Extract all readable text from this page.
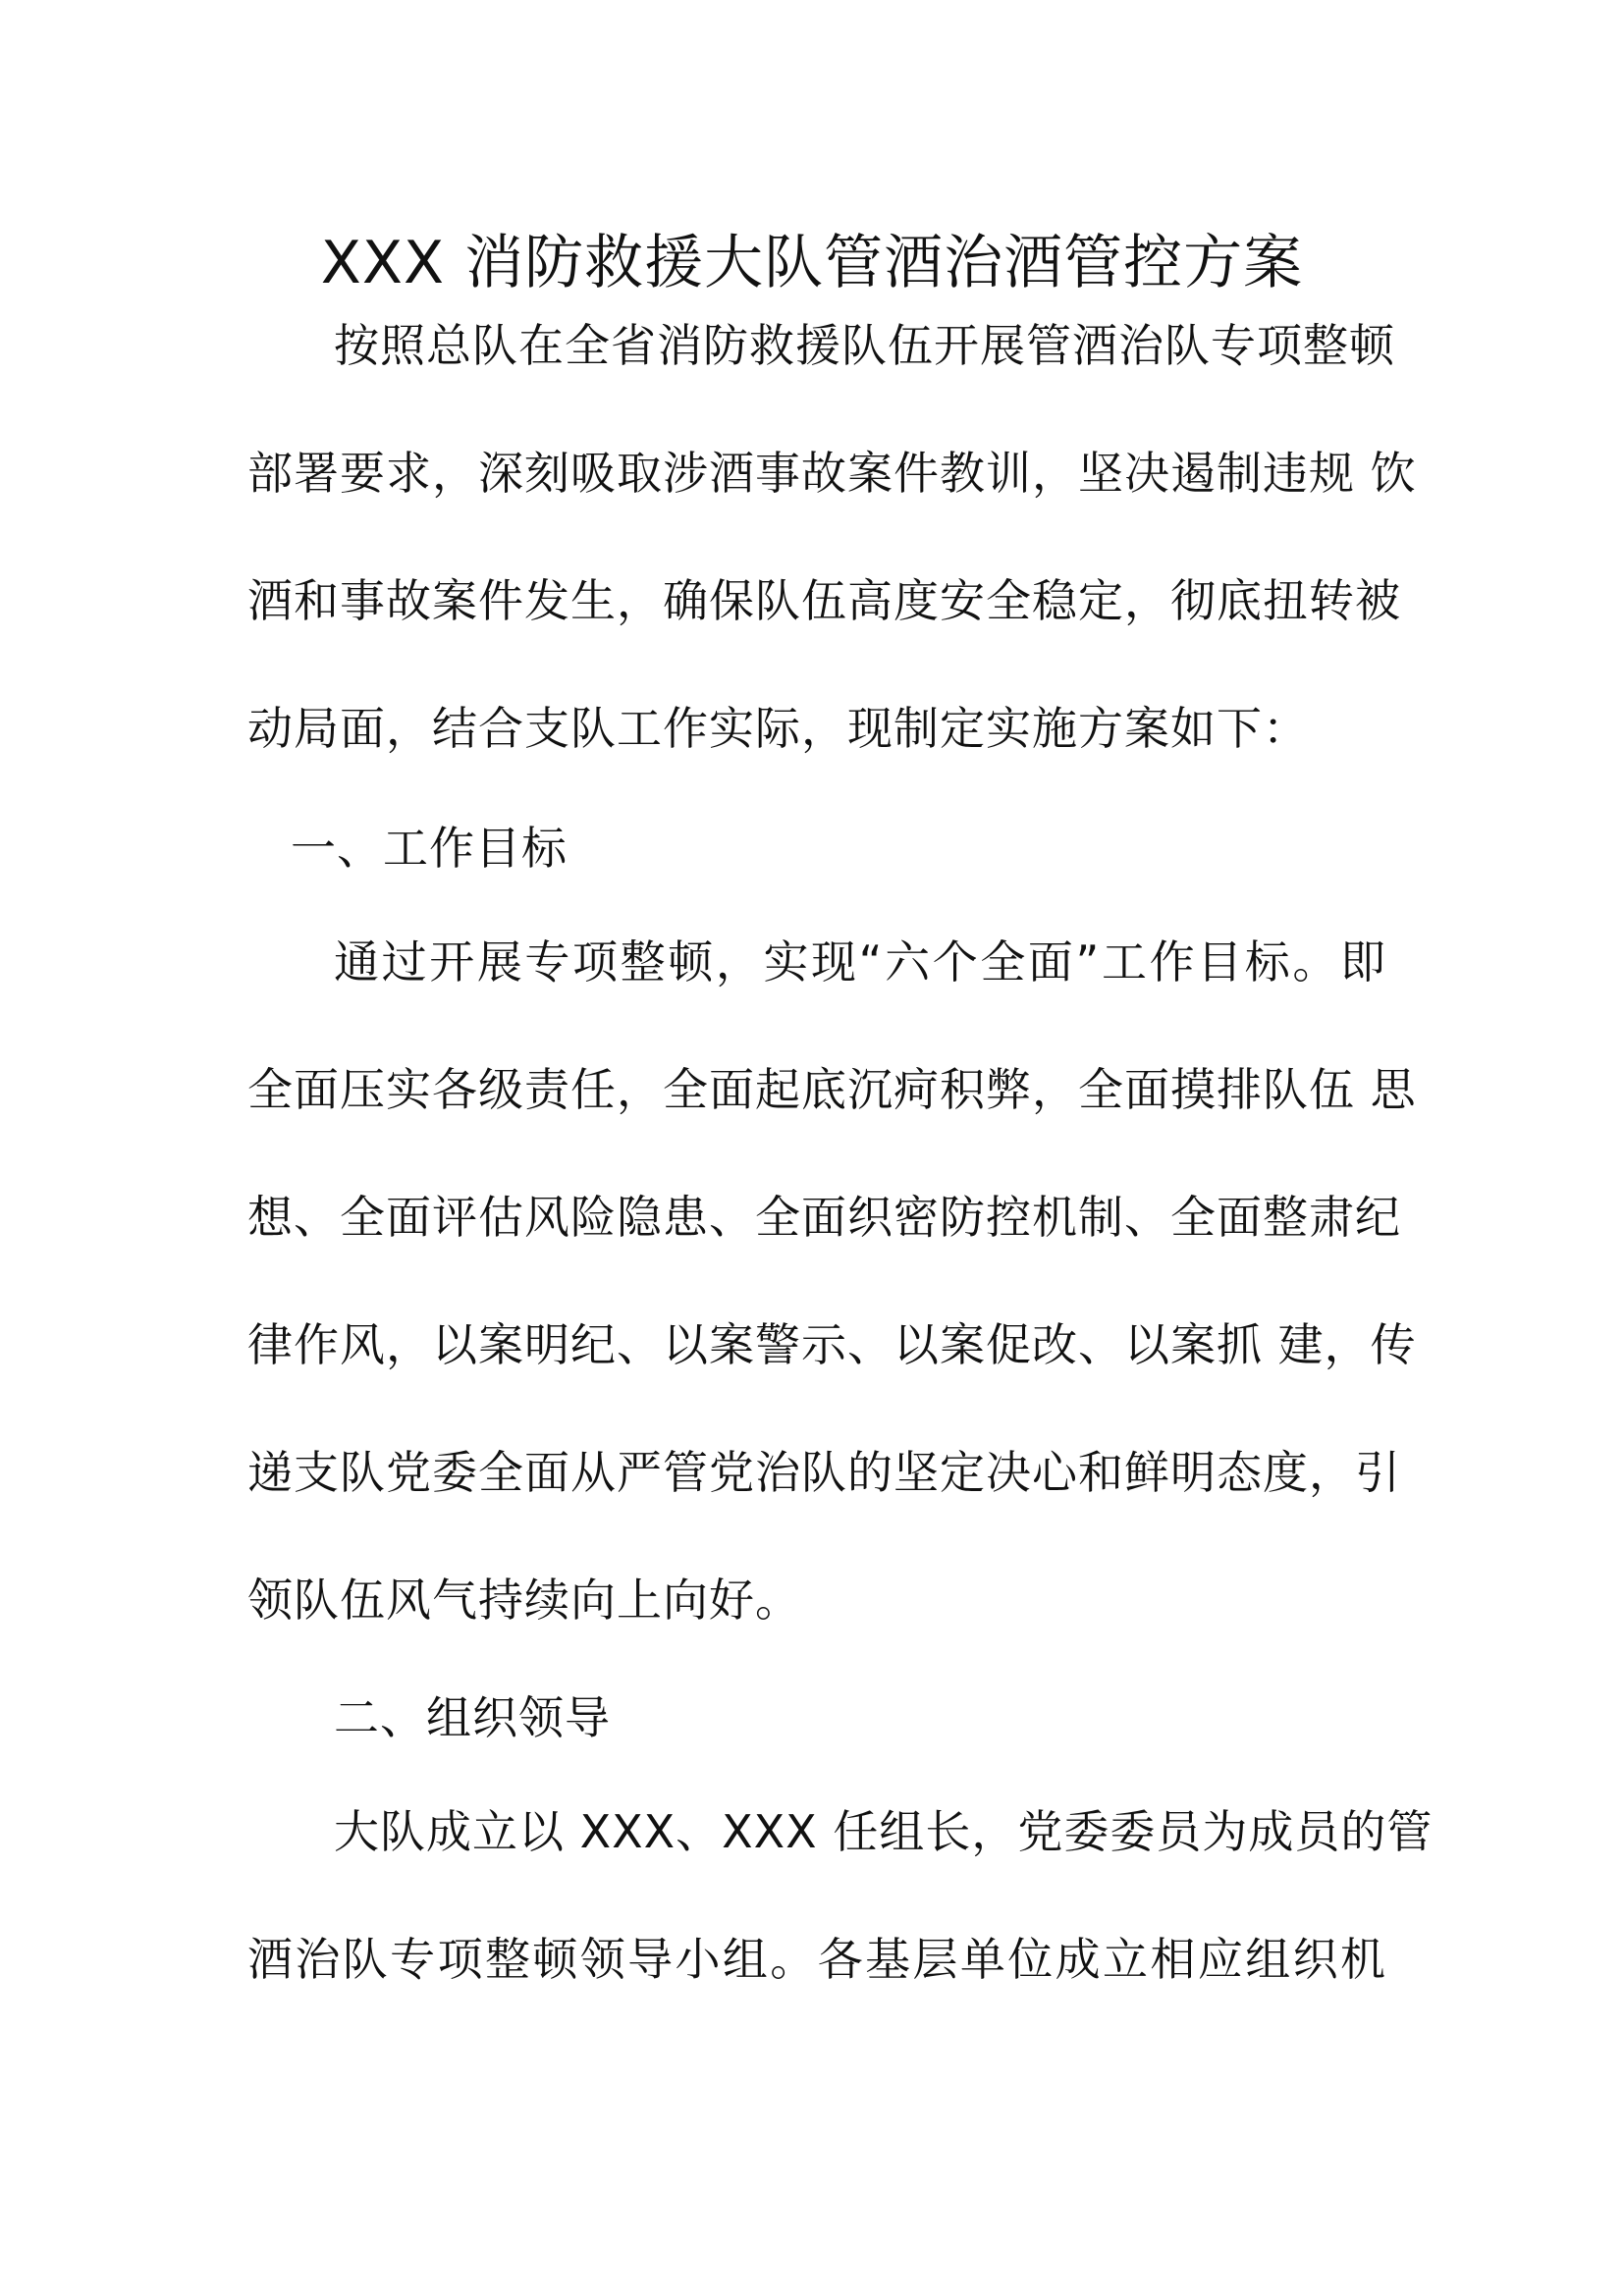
XXX 消防救援大队管酒治酒管控方案
按照总队在全省消防救援队伍开展管酒治队专项整顿
部署要求，深刻吸取涉酒事故案件教训，坚决遏制违规 饮
酒和事故案件发生，确保队伍高度安全稳定，彻底扭转被
动局面，结合支队工作实际，现制定实施方案如下：
一、工作目标
通过开展专项整顿，实现“六个全面”工作目标。即
全面压实各级责任，全面起底沉疴积弊，全面摸排队伍 思
想、全面评估风险隐患、全面织密防控机制、全面整肃纪
律作风，以案明纪、以案警示、以案促改、以案抓 建，传
递支队党委全面从严管党治队的坚定决心和鲜明态度，引
领队伍风气持续向上向好。
二、组织领导
大队成立以 XXX、XXX 任组长，党委委员为成员的管
酒治队专项整顿领导小组。各基层单位成立相应组织机
